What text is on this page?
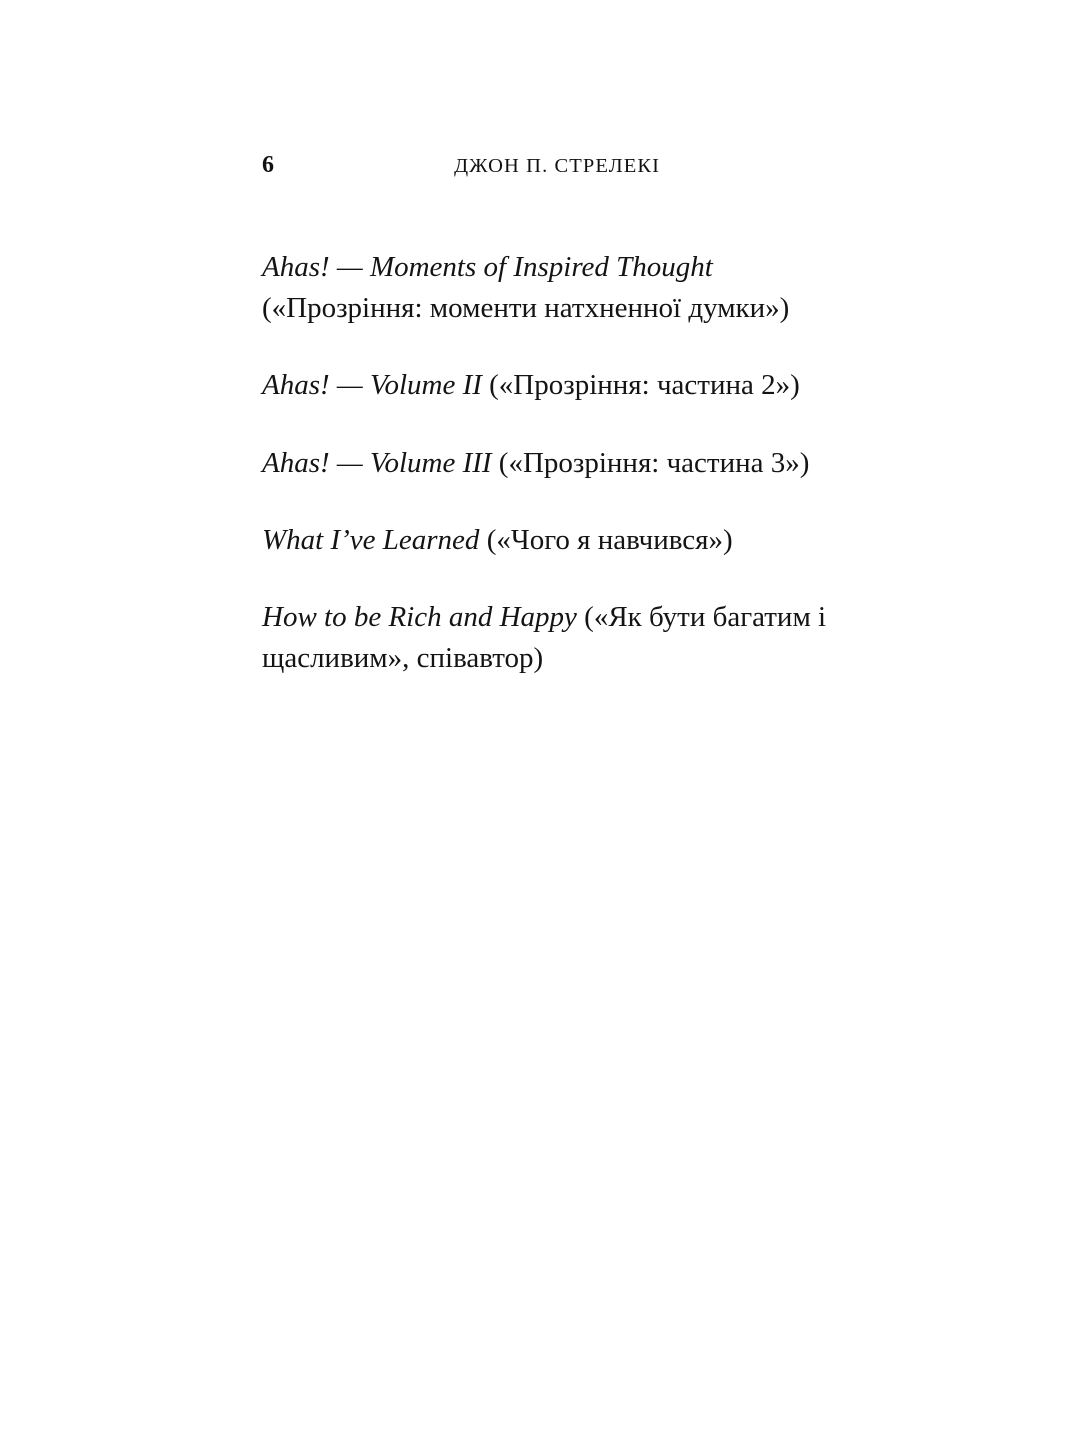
6	ДЖОН П. СТРЕЛЕКІ

Ahas! — Moments of Inspired Thought («Прозріння: моменти натхненної думки»)

Ahas! — Volume II («Прозріння: частина 2»)

Ahas! — Volume III («Прозріння: частина 3»)

What I’ve Learned («Чого я навчився»)

How to be Rich and Happy («Як бути багатим і щасливим», співавтор)
